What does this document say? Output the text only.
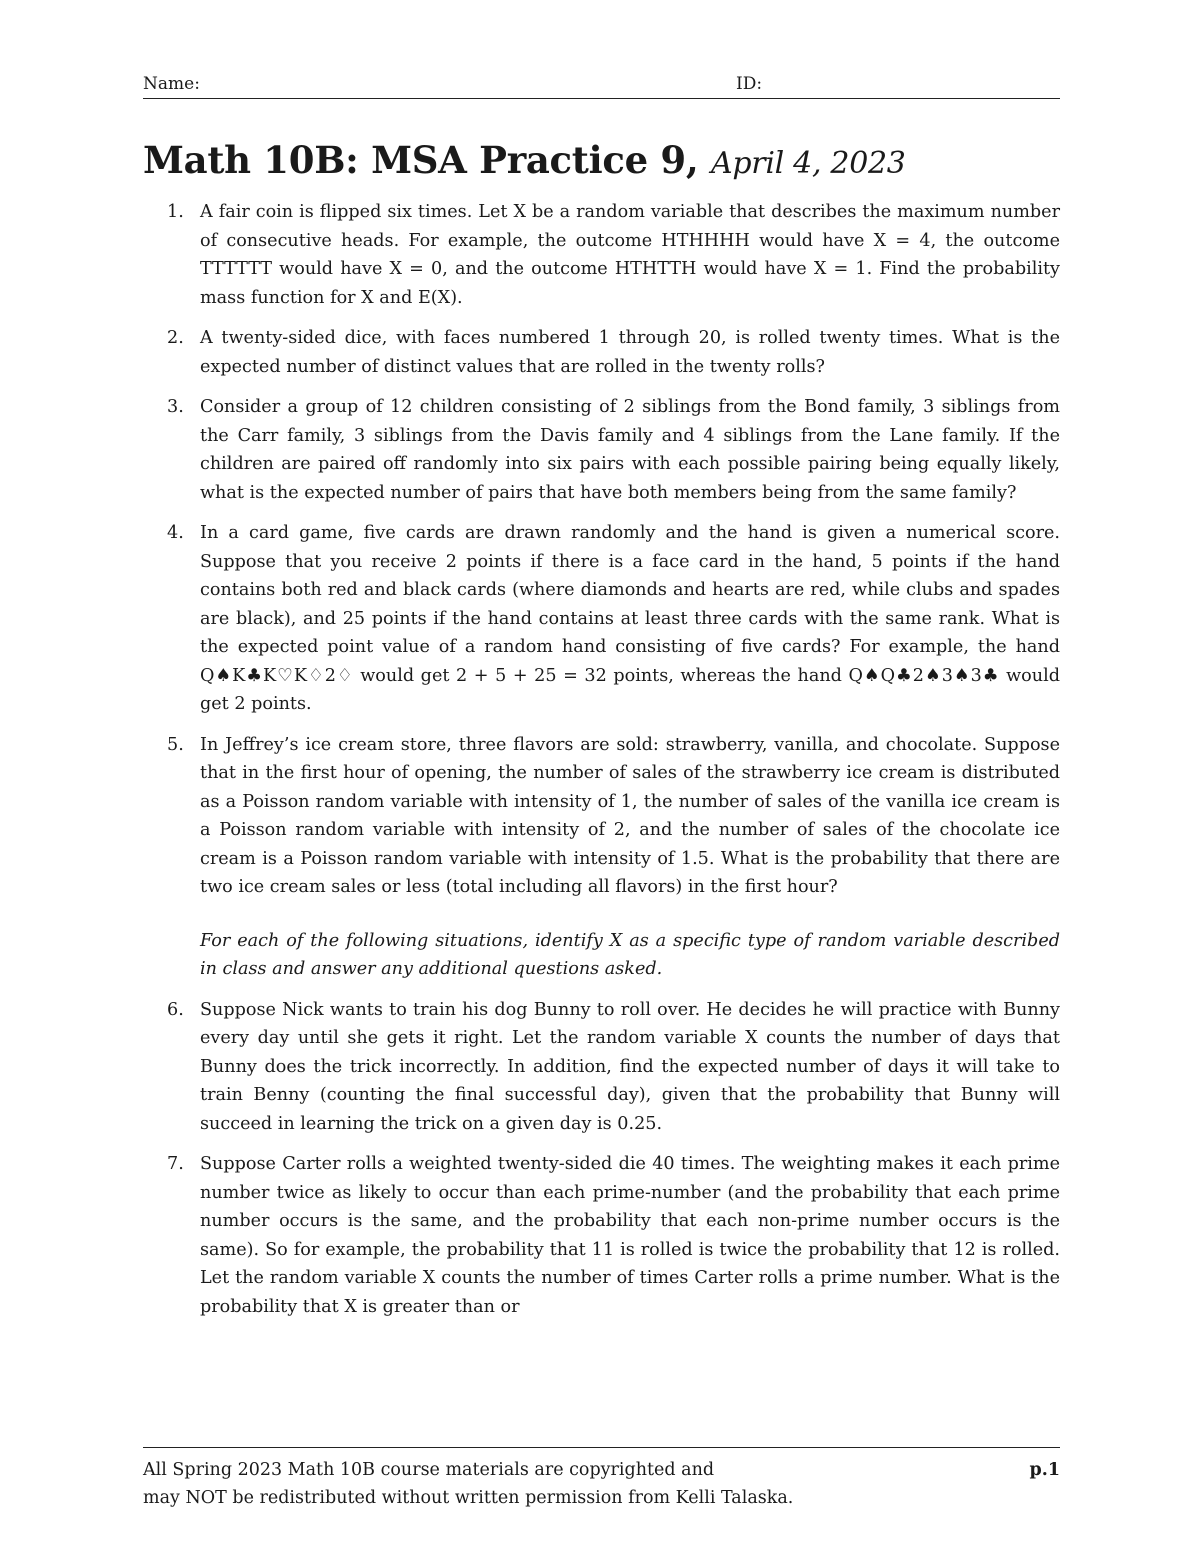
Name:	ID:
Math 10B: MSA Practice 9, April 4, 2023
1. A fair coin is flipped six times. Let X be a random variable that describes the maximum number of consecutive heads. For example, the outcome HTHHHH would have X = 4, the outcome TTTTTT would have X = 0, and the outcome HTHTTH would have X = 1. Find the probability mass function for X and E(X).
2. A twenty-sided dice, with faces numbered 1 through 20, is rolled twenty times. What is the expected number of distinct values that are rolled in the twenty rolls?
3. Consider a group of 12 children consisting of 2 siblings from the Bond family, 3 siblings from the Carr family, 3 siblings from the Davis family and 4 siblings from the Lane family. If the children are paired off randomly into six pairs with each possible pairing being equally likely, what is the expected number of pairs that have both members being from the same family?
4. In a card game, five cards are drawn randomly and the hand is given a numerical score. Suppose that you receive 2 points if there is a face card in the hand, 5 points if the hand contains both red and black cards (where diamonds and hearts are red, while clubs and spades are black), and 25 points if the hand contains at least three cards with the same rank. What is the expected point value of a random hand consisting of five cards? For example, the hand Q♠K♣K♡K♢2♢ would get 2 + 5 + 25 = 32 points, whereas the hand Q♠Q♣2♠3♠3♣ would get 2 points.
5. In Jeffrey’s ice cream store, three flavors are sold: strawberry, vanilla, and chocolate. Suppose that in the first hour of opening, the number of sales of the strawberry ice cream is distributed as a Poisson random variable with intensity of 1, the number of sales of the vanilla ice cream is a Poisson random variable with intensity of 2, and the number of sales of the chocolate ice cream is a Poisson random variable with intensity of 1.5. What is the probability that there are two ice cream sales or less (total including all flavors) in the first hour?
For each of the following situations, identify X as a specific type of random variable described in class and answer any additional questions asked.
6. Suppose Nick wants to train his dog Bunny to roll over. He decides he will practice with Bunny every day until she gets it right. Let the random variable X counts the number of days that Bunny does the trick incorrectly. In addition, find the expected number of days it will take to train Benny (counting the final successful day), given that the probability that Bunny will succeed in learning the trick on a given day is 0.25.
7. Suppose Carter rolls a weighted twenty-sided die 40 times. The weighting makes it each prime number twice as likely to occur than each prime-number (and the probability that each prime number occurs is the same, and the probability that each non-prime number occurs is the same). So for example, the probability that 11 is rolled is twice the probability that 12 is rolled. Let the random variable X counts the number of times Carter rolls a prime number. What is the probability that X is greater than or
All Spring 2023 Math 10B course materials are copyrighted and
may NOT be redistributed without written permission from Kelli Talaska.
p.1
